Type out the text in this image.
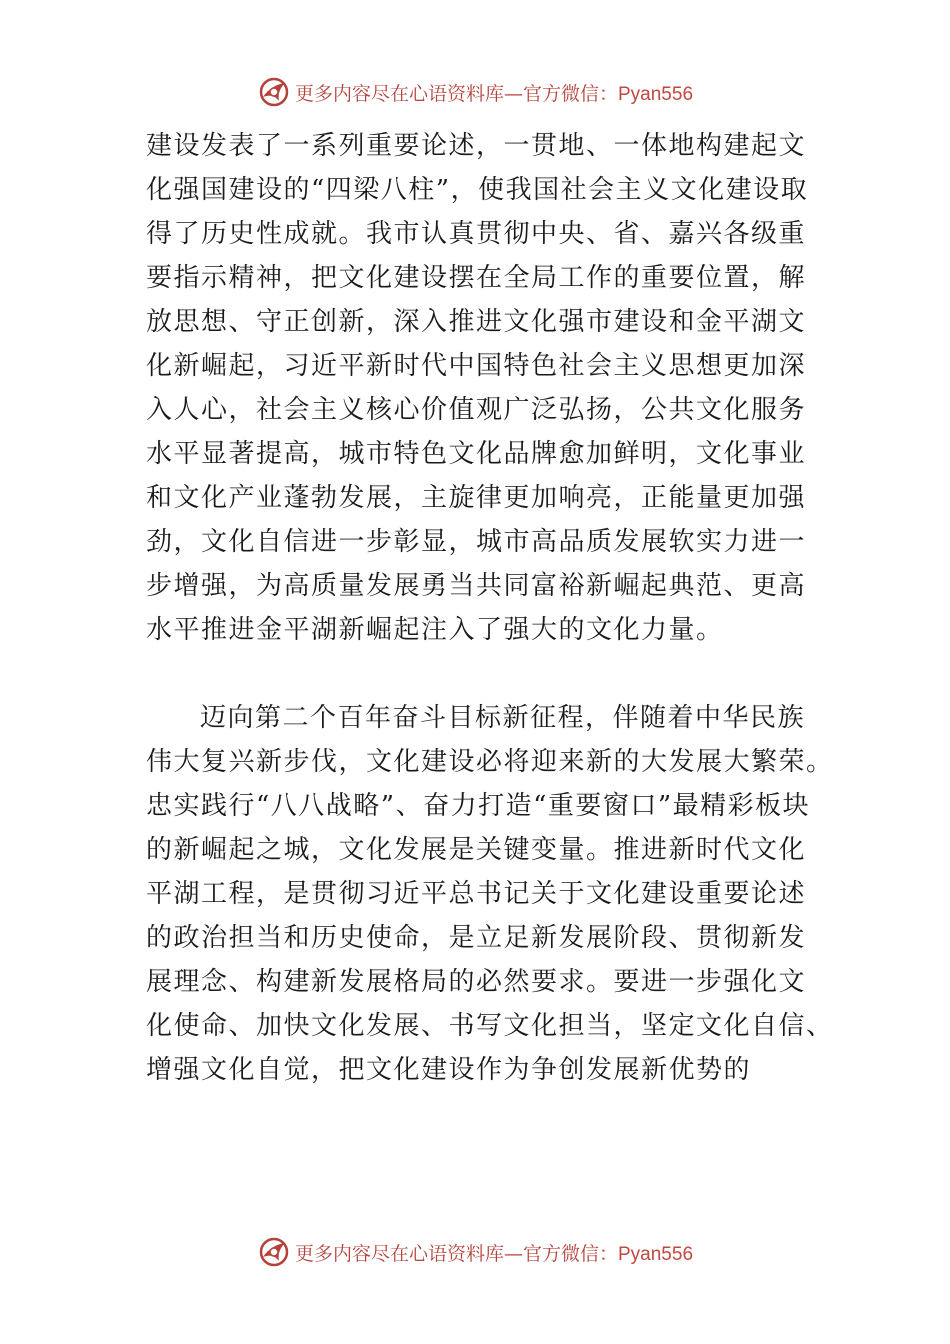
更多内容尽在心语资料库—官方微信：Pyan556
建设发表了一系列重要论述，一贯地、一体地构建起文
化强国建设的“四梁八柱”，使我国社会主义文化建设取
得了历史性成就。我市认真贯彻中央、省、嘉兴各级重
要指示精神，把文化建设摆在全局工作的重要位置，解
放思想、守正创新，深入推进文化强市建设和金平湖文
化新崛起，习近平新时代中国特色社会主义思想更加深
入人心，社会主义核心价值观广泛弘扬，公共文化服务
水平显著提高，城市特色文化品牌愈加鲜明，文化事业
和文化产业蓬勃发展，主旋律更加响亮，正能量更加强
劲，文化自信进一步彰显，城市高品质发展软实力进一
步增强，为高质量发展勇当共同富裕新崛起典范、更高
水平推进金平湖新崛起注入了强大的文化力量。
迈向第二个百年奋斗目标新征程，伴随着中华民族
伟大复兴新步伐，文化建设必将迎来新的大发展大繁荣。
忠实践行“八八战略”、奋力打造“重要窗口”最精彩板块
的新崛起之城，文化发展是关键变量。推进新时代文化
平湖工程，是贯彻习近平总书记关于文化建设重要论述
的政治担当和历史使命，是立足新发展阶段、贯彻新发
展理念、构建新发展格局的必然要求。要进一步强化文
化使命、加快文化发展、书写文化担当，坚定文化自信、
增强文化自觉，把文化建设作为争创发展新优势的
更多内容尽在心语资料库—官方微信：Pyan556
